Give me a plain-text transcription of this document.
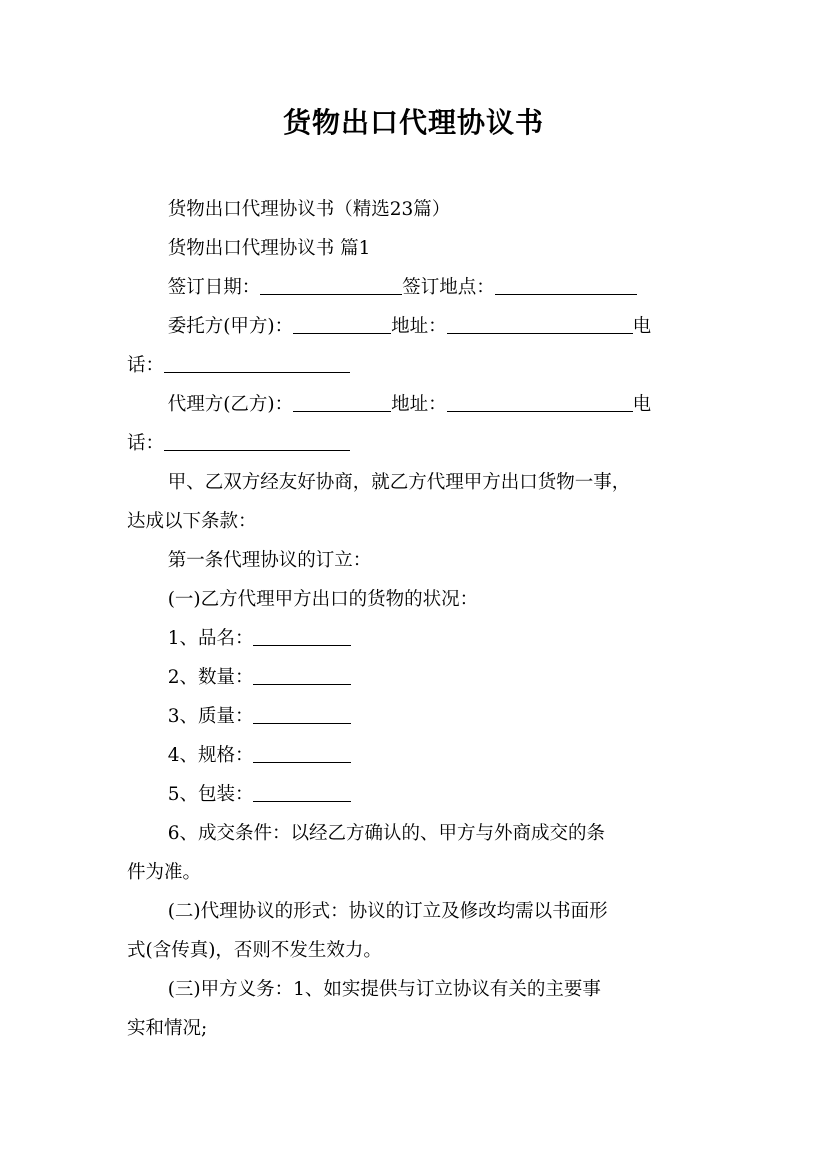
货物出口代理协议书
货物出口代理协议书（精选23篇）
货物出口代理协议书 篇1
签订日期：	签订地点：
委托方(甲方)：	地址：	电
话：
代理方(乙方)：	地址：	电
话：
甲、乙双方经友好协商，就乙方代理甲方出口货物一事，
达成以下条款：
第一条代理协议的订立：
(一)乙方代理甲方出口的货物的状况：
1、品名：
2、数量：
3、质量：
4、规格：
5、包装：
6、成交条件：以经乙方确认的、甲方与外商成交的条
件为准。
(二)代理协议的形式：协议的订立及修改均需以书面形
式(含传真)，否则不发生效力。
(三)甲方义务：1、如实提供与订立协议有关的主要事
实和情况;
